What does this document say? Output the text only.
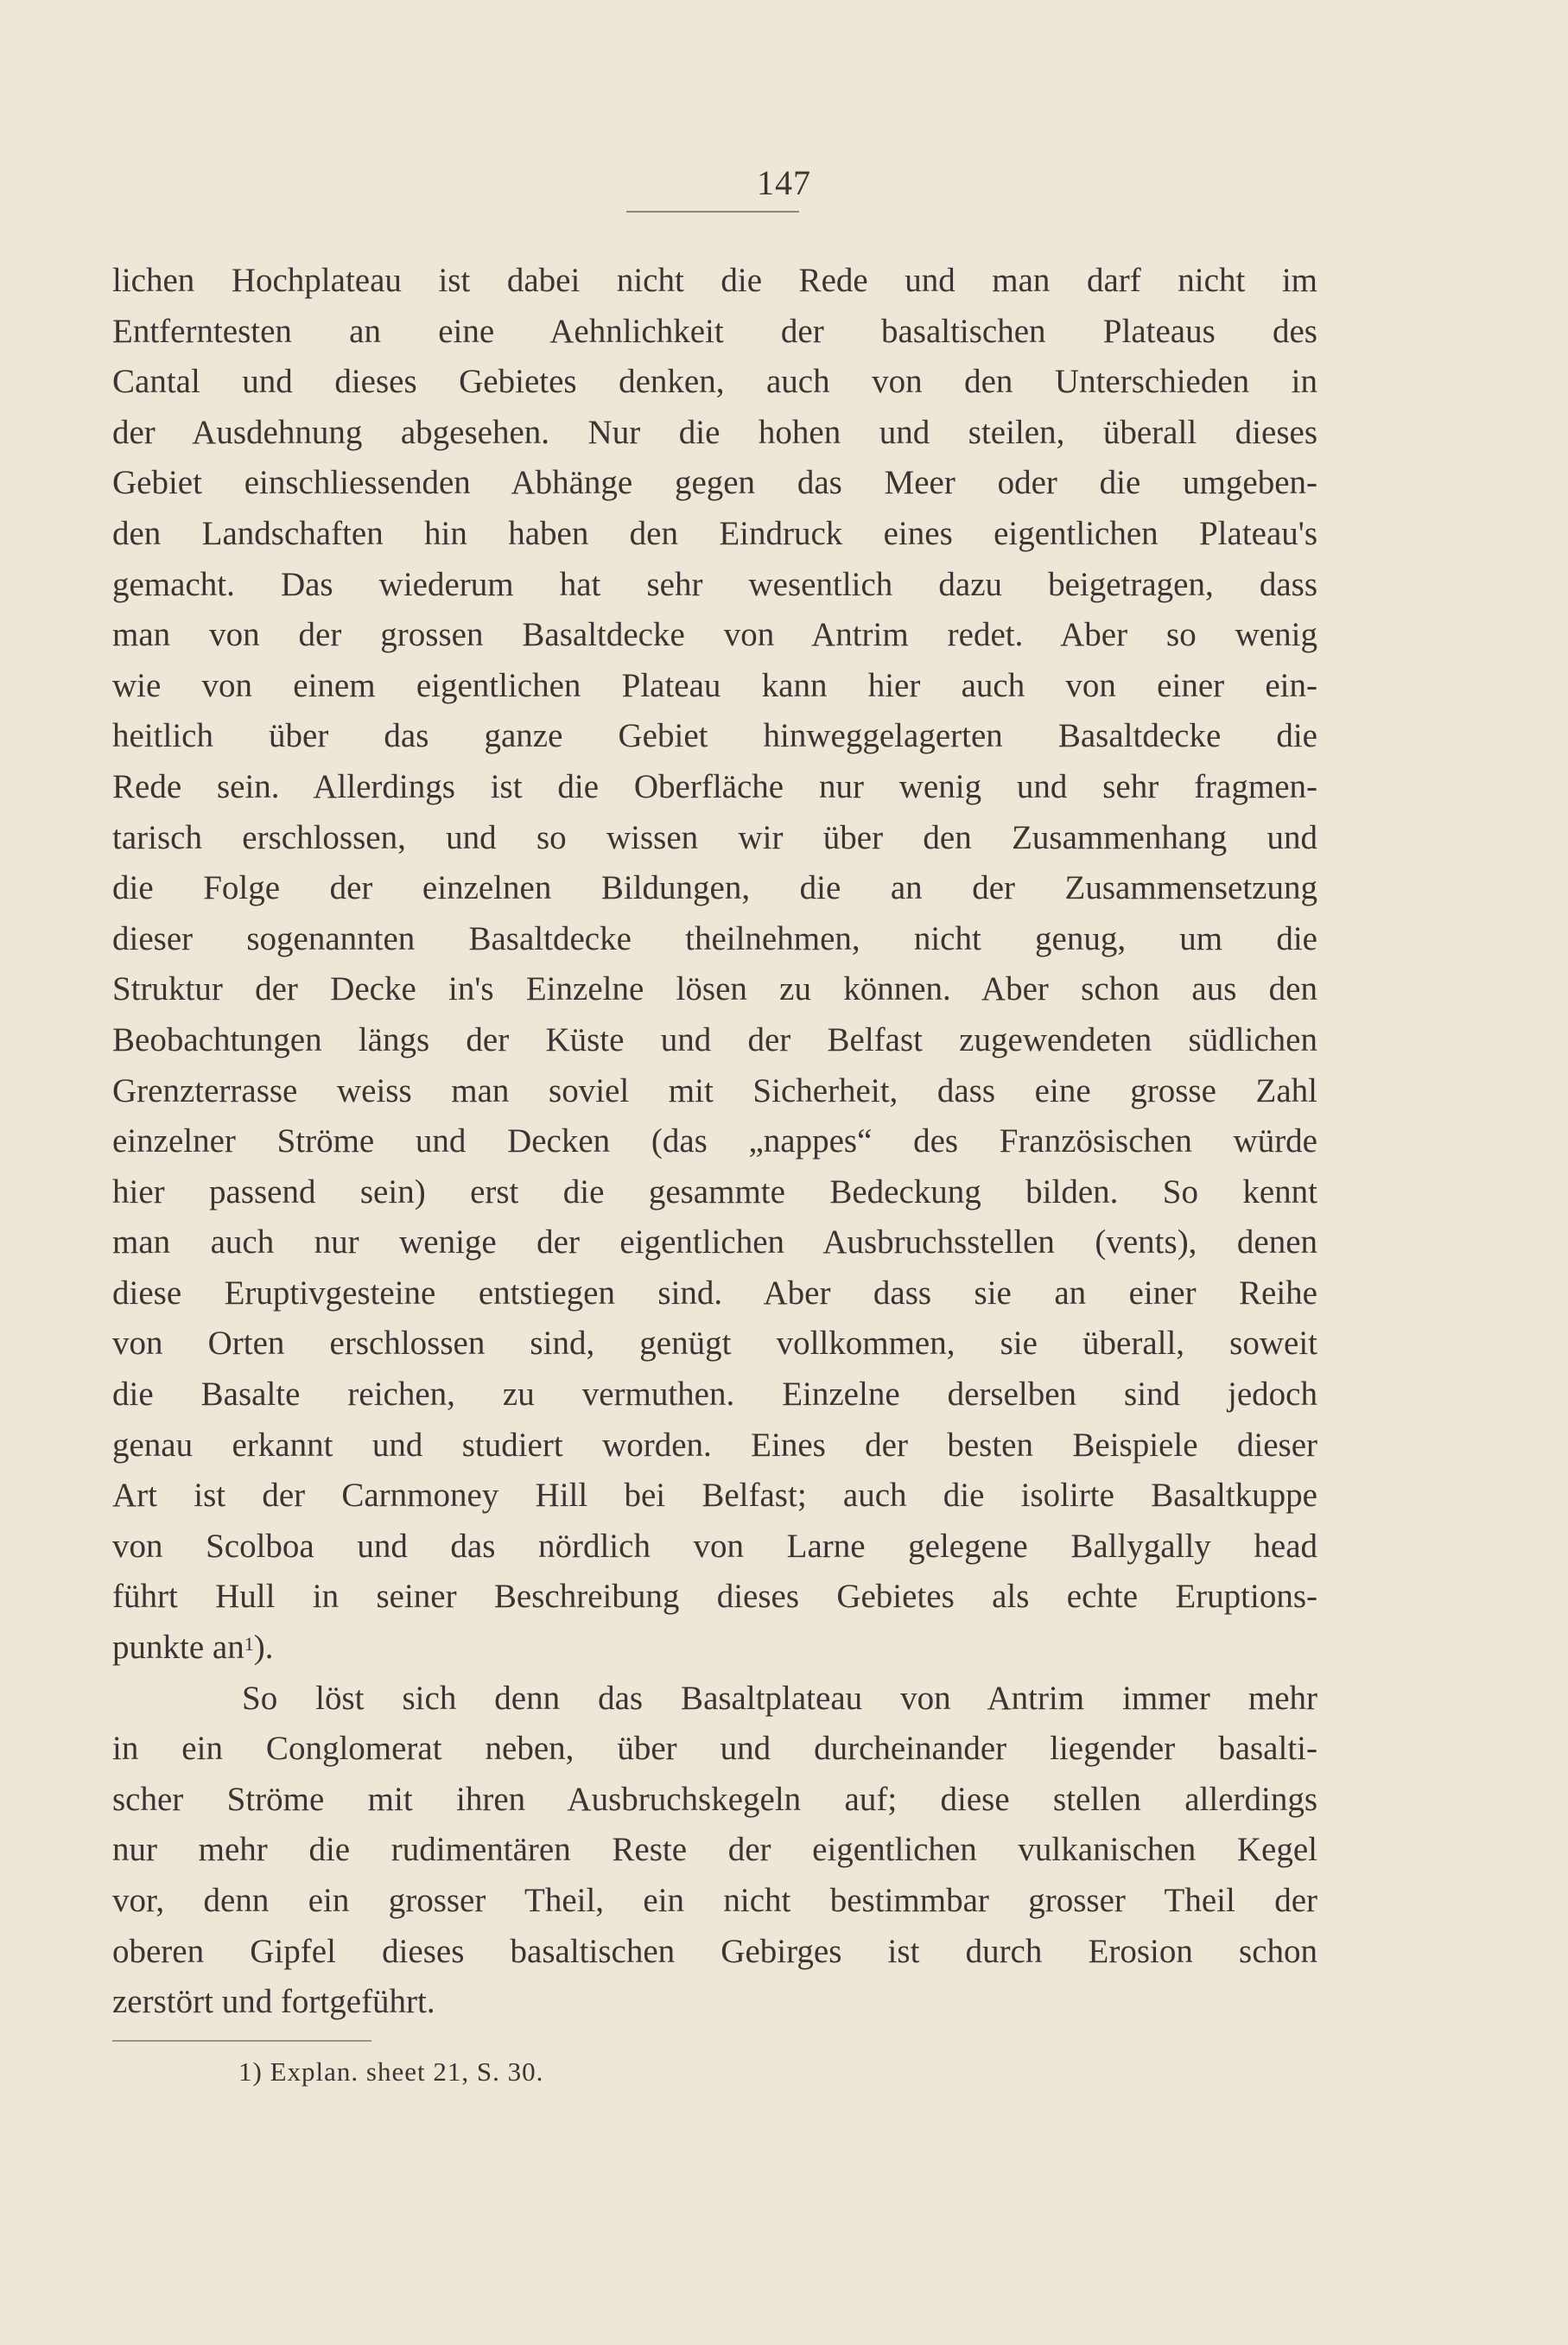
147
lichen Hochplateau ist dabei nicht die Rede und man darf nicht im
Entferntesten an eine Aehnlichkeit der basaltischen Plateaus des
Cantal und dieses Gebietes denken, auch von den Unterschieden in
der Ausdehnung abgesehen. Nur die hohen und steilen, überall dieses
Gebiet einschliessenden Abhänge gegen das Meer oder die umgeben-
den Landschaften hin haben den Eindruck eines eigentlichen Plateau's
gemacht. Das wiederum hat sehr wesentlich dazu beigetragen, dass
man von der grossen Basaltdecke von Antrim redet. Aber so wenig
wie von einem eigentlichen Plateau kann hier auch von einer ein-
heitlich über das ganze Gebiet hinweggelagerten Basaltdecke die
Rede sein. Allerdings ist die Oberfläche nur wenig und sehr fragmen-
tarisch erschlossen, und so wissen wir über den Zusammenhang und
die Folge der einzelnen Bildungen, die an der Zusammensetzung
dieser sogenannten Basaltdecke theilnehmen, nicht genug, um die
Struktur der Decke in's Einzelne lösen zu können. Aber schon aus den
Beobachtungen längs der Küste und der Belfast zugewendeten südlichen
Grenzterrasse weiss man soviel mit Sicherheit, dass eine grosse Zahl
einzelner Ströme und Decken (das „nappes“ des Französischen würde
hier passend sein) erst die gesammte Bedeckung bilden. So kennt
man auch nur wenige der eigentlichen Ausbruchsstellen (vents), denen
diese Eruptivgesteine entstiegen sind. Aber dass sie an einer Reihe
von Orten erschlossen sind, genügt vollkommen, sie überall, soweit
die Basalte reichen, zu vermuthen. Einzelne derselben sind jedoch
genau erkannt und studiert worden. Eines der besten Beispiele dieser
Art ist der Carnmoney Hill bei Belfast; auch die isolirte Basaltkuppe
von Scolboa und das nördlich von Larne gelegene Ballygally head
führt Hull in seiner Beschreibung dieses Gebietes als echte Eruptions-
punkte $an^1$).
So löst sich denn das Basaltplateau von Antrim immer mehr
in ein Conglomerat neben, über und durcheinander liegender basalti-
scher Ströme mit ihren Ausbruchskegeln auf; diese stellen allerdings
nur mehr die rudimentären Reste der eigentlichen vulkanischen Kegel
vor, denn ein grosser Theil, ein nicht bestimmbar grosser Theil der
oberen Gipfel dieses basaltischen Gebirges ist durch Erosion schon
zerstört und fortgeführt.
1) Explan. sheet 21, S. 30.
